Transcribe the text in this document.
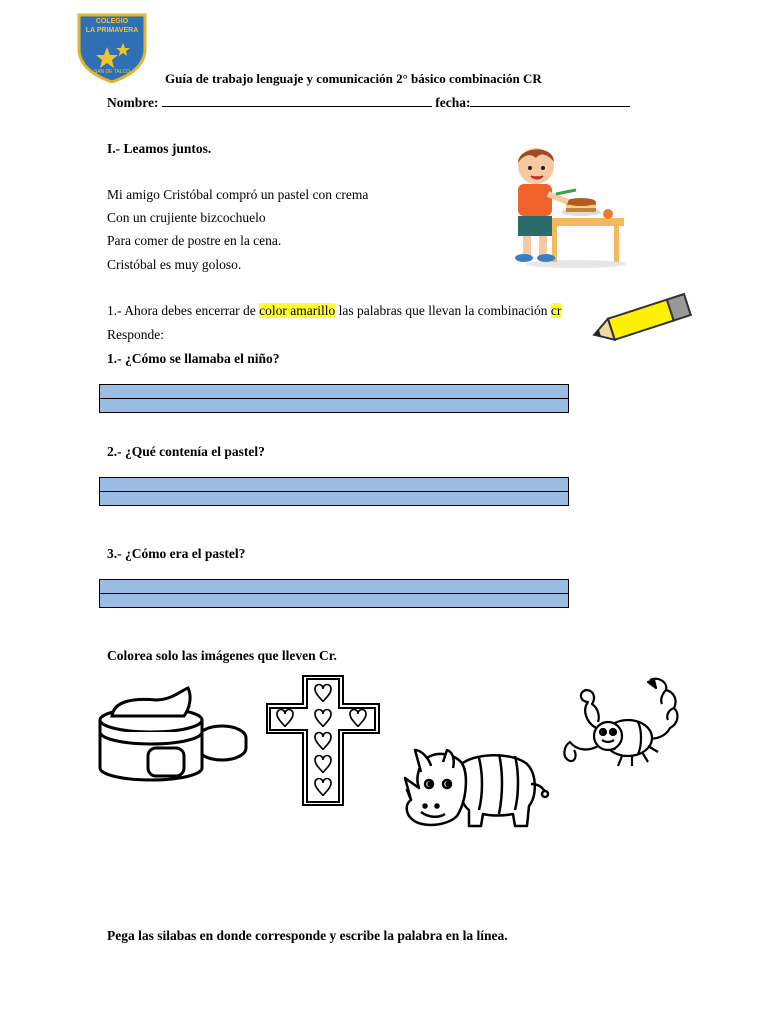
COLEGIO
LA PRIMAVERA
SAN DE TALCO	Guía de trabajo lenguaje y comunicación 2° básico combinación CR
Nombre:	fecha:
I.- Leamos juntos.
Mi amigo Cristóbal compró un pastel con crema
Con un crujiente bizcochuelo
Para comer de postre en la cena.
Cristóbal es muy goloso.
1.- Ahora debes encerrar de color amarillo las palabras que llevan la combinación cr
Responde:
1.- ¿Cómo se llamaba el niño?
2.- ¿Qué contenía el pastel?
3.- ¿Cómo era el pastel?
Colorea solo las imágenes que lleven Cr.
Pega las silabas en donde corresponde y escribe la palabra en la línea.
